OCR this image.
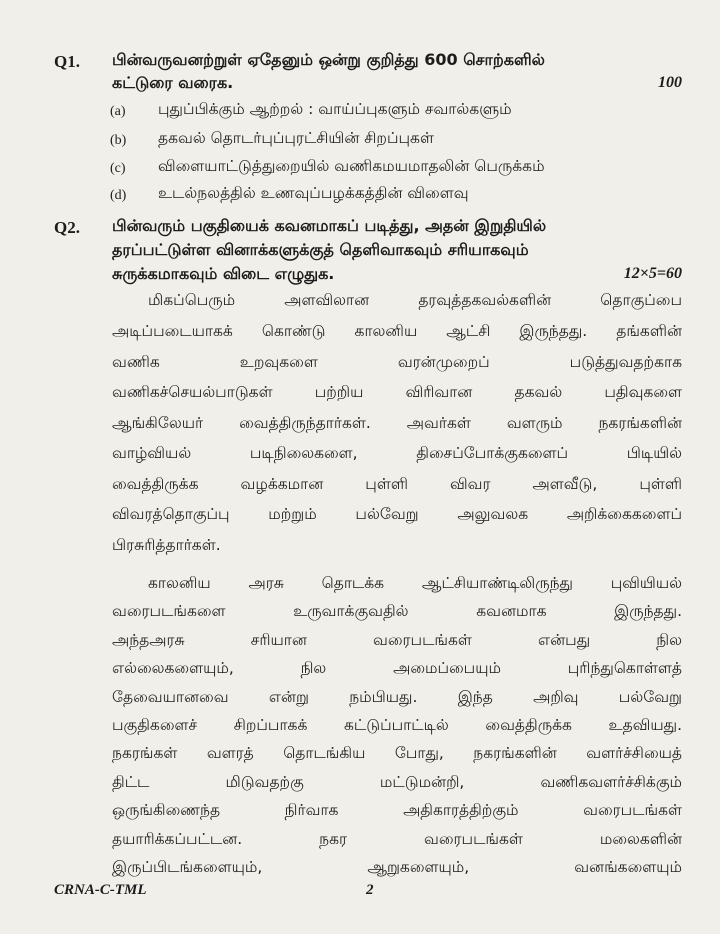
Q1. பின்வருவனற்றுள் ஏதேனும் ஒன்று குறித்து 600 சொற்களில்
கட்டுரை வரைக.	100
(a) புதுப்பிக்கும் ஆற்றல் : வாய்ப்புகளும் சவால்களும்
(b) தகவல் தொடர்புப்புரட்சியின் சிறப்புகள்
(c) விளையாட்டுத்துறையில் வணிகமயமாதலின் பெருக்கம்
(d) உடல்நலத்தில் உணவுப்பழக்கத்தின் விளைவு
Q2. பின்வரும் பகுதியைக் கவனமாகப் படித்து, அதன் இறுதியில்
தரப்பட்டுள்ள வினாக்களுக்குத் தெளிவாகவும் சரியாகவும்
சுருக்கமாகவும் விடை எழுதுக.	12×5=60
மிகப்பெரும் அளவிலான தரவுத்தகவல்களின் தொகுப்பை
அடிப்படையாகக் கொண்டு காலனிய ஆட்சி இருந்தது. தங்களின்
வணிக உறவுகளை வரன்முறைப் படுத்துவதற்காக
வணிகச்செயல்பாடுகள் பற்றிய விரிவான தகவல் பதிவுகளை
ஆங்கிலேயர் வைத்திருந்தார்கள். அவர்கள் வளரும் நகரங்களின்
வாழ்வியல் படிநிலைகளை, திசைப்போக்குகளைப் பிடியில்
வைத்திருக்க வழக்கமான புள்ளி விவர அளவீடு, புள்ளி
விவரத்தொகுப்பு மற்றும் பல்வேறு அலுவலக அறிக்கைகளைப்
பிரசுரித்தார்கள்.
காலனிய அரசு தொடக்க ஆட்சியாண்டிலிருந்து புவியியல்
வரைபடங்களை உருவாக்குவதில் கவனமாக இருந்தது.
அந்தஅரசு சரியான வரைபடங்கள் என்பது நில
எல்லைகளையும், நில அமைப்பையும் புரிந்துகொள்ளத்
தேவையானவை என்று நம்பியது. இந்த அறிவு பல்வேறு
பகுதிகளைச் சிறப்பாகக் கட்டுப்பாட்டில் வைத்திருக்க உதவியது.
நகரங்கள் வளரத் தொடங்கிய போது, நகரங்களின் வளர்ச்சியைத்
திட்ட மிடுவதற்கு மட்டுமன்றி, வணிகவளர்ச்சிக்கும்
ஒருங்கிணைந்த நிர்வாக அதிகாரத்திற்கும் வரைபடங்கள்
தயாரிக்கப்பட்டன. நகர வரைபடங்கள் மலைகளின்
CRNA-C-TML	2
இருப்பிடங்களையும், ஆறுகளையும், வனங்களையும்
